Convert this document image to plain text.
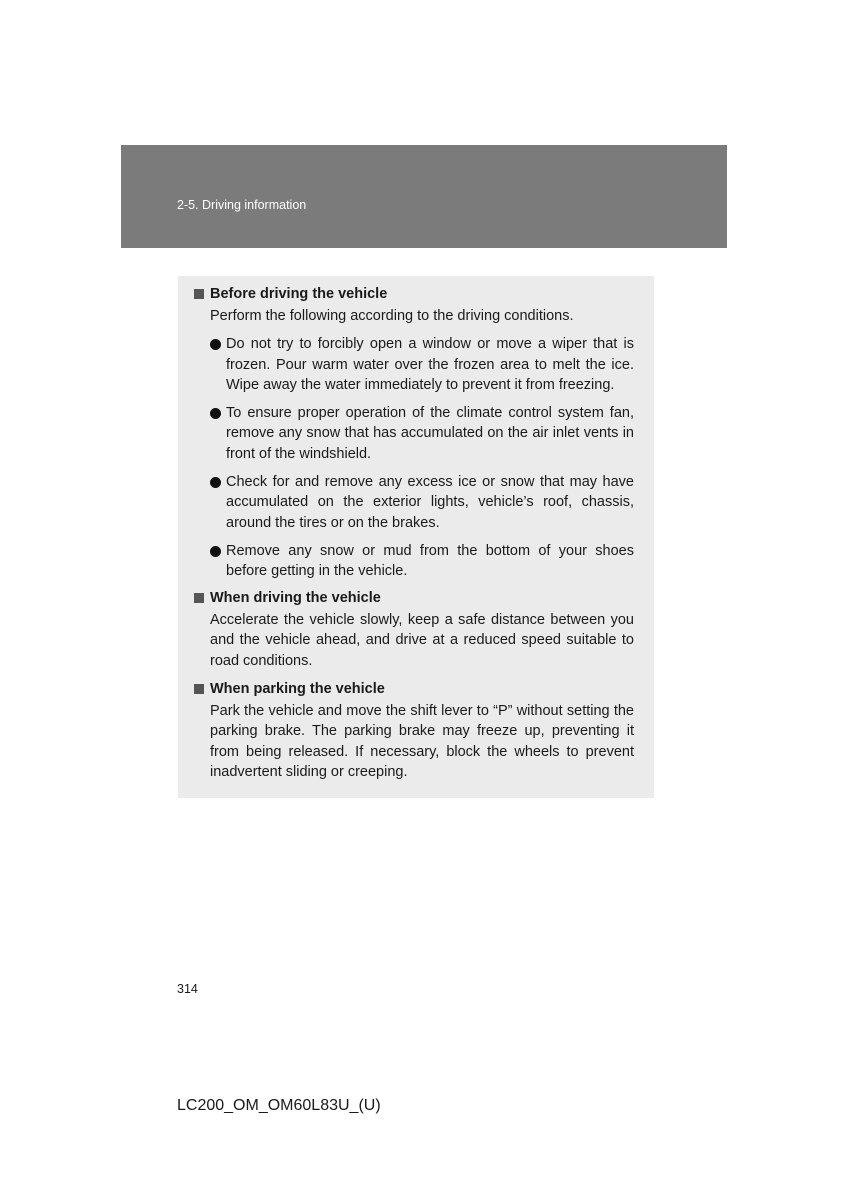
2-5. Driving information
Before driving the vehicle
Perform the following according to the driving conditions.
Do not try to forcibly open a window or move a wiper that is frozen. Pour warm water over the frozen area to melt the ice. Wipe away the water immediately to prevent it from freezing.
To ensure proper operation of the climate control system fan, remove any snow that has accumulated on the air inlet vents in front of the windshield.
Check for and remove any excess ice or snow that may have accumulated on the exterior lights, vehicle’s roof, chassis, around the tires or on the brakes.
Remove any snow or mud from the bottom of your shoes before getting in the vehicle.
When driving the vehicle
Accelerate the vehicle slowly, keep a safe distance between you and the vehicle ahead, and drive at a reduced speed suitable to road conditions.
When parking the vehicle
Park the vehicle and move the shift lever to “P” without setting the parking brake. The parking brake may freeze up, preventing it from being released. If necessary, block the wheels to prevent inadvertent sliding or creeping.
314
LC200_OM_OM60L83U_(U)
